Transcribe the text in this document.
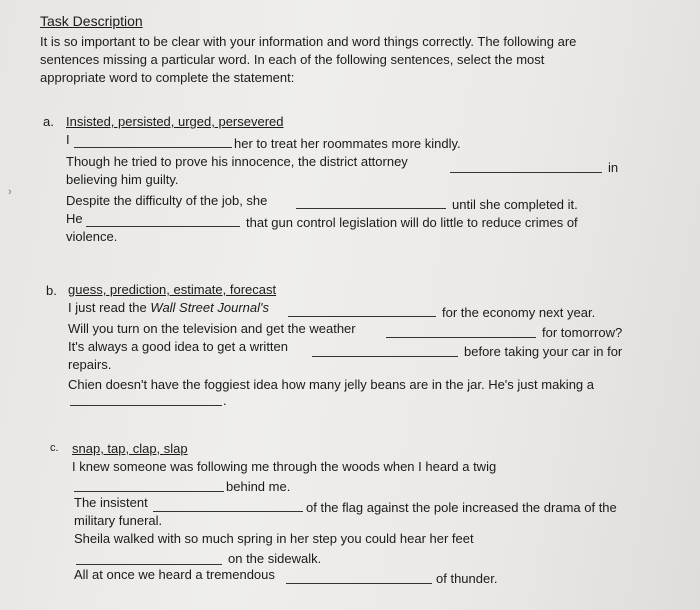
Task Description
It is so important to be clear with your information and word things correctly. The following are
sentences missing a particular word. In each of the following sentences, select the most
appropriate word to complete the statement:
›
a. Insisted, persisted, urged, persevered
I	her to treat her roommates more kindly.
Though he tried to prove his innocence, the district attorney	in
believing him guilty.
Despite the difficulty of the job, she	until she completed it.
He	that gun control legislation will do little to reduce crimes of
violence.
b. guess, prediction, estimate, forecast
I just read the Wall Street Journal's	for the economy next year.
Will you turn on the television and get the weather	for tomorrow?
It's always a good idea to get a written	before taking your car in for
repairs.
Chien doesn't have the foggiest idea how many jelly beans are in the jar. He's just making a
.
c. snap, tap, clap, slap
I knew someone was following me through the woods when I heard a twig
behind me.
The insistent	of the flag against the pole increased the drama of the
military funeral.
Sheila walked with so much spring in her step you could hear her feet
on the sidewalk.
All at once we heard a tremendous	of thunder.
